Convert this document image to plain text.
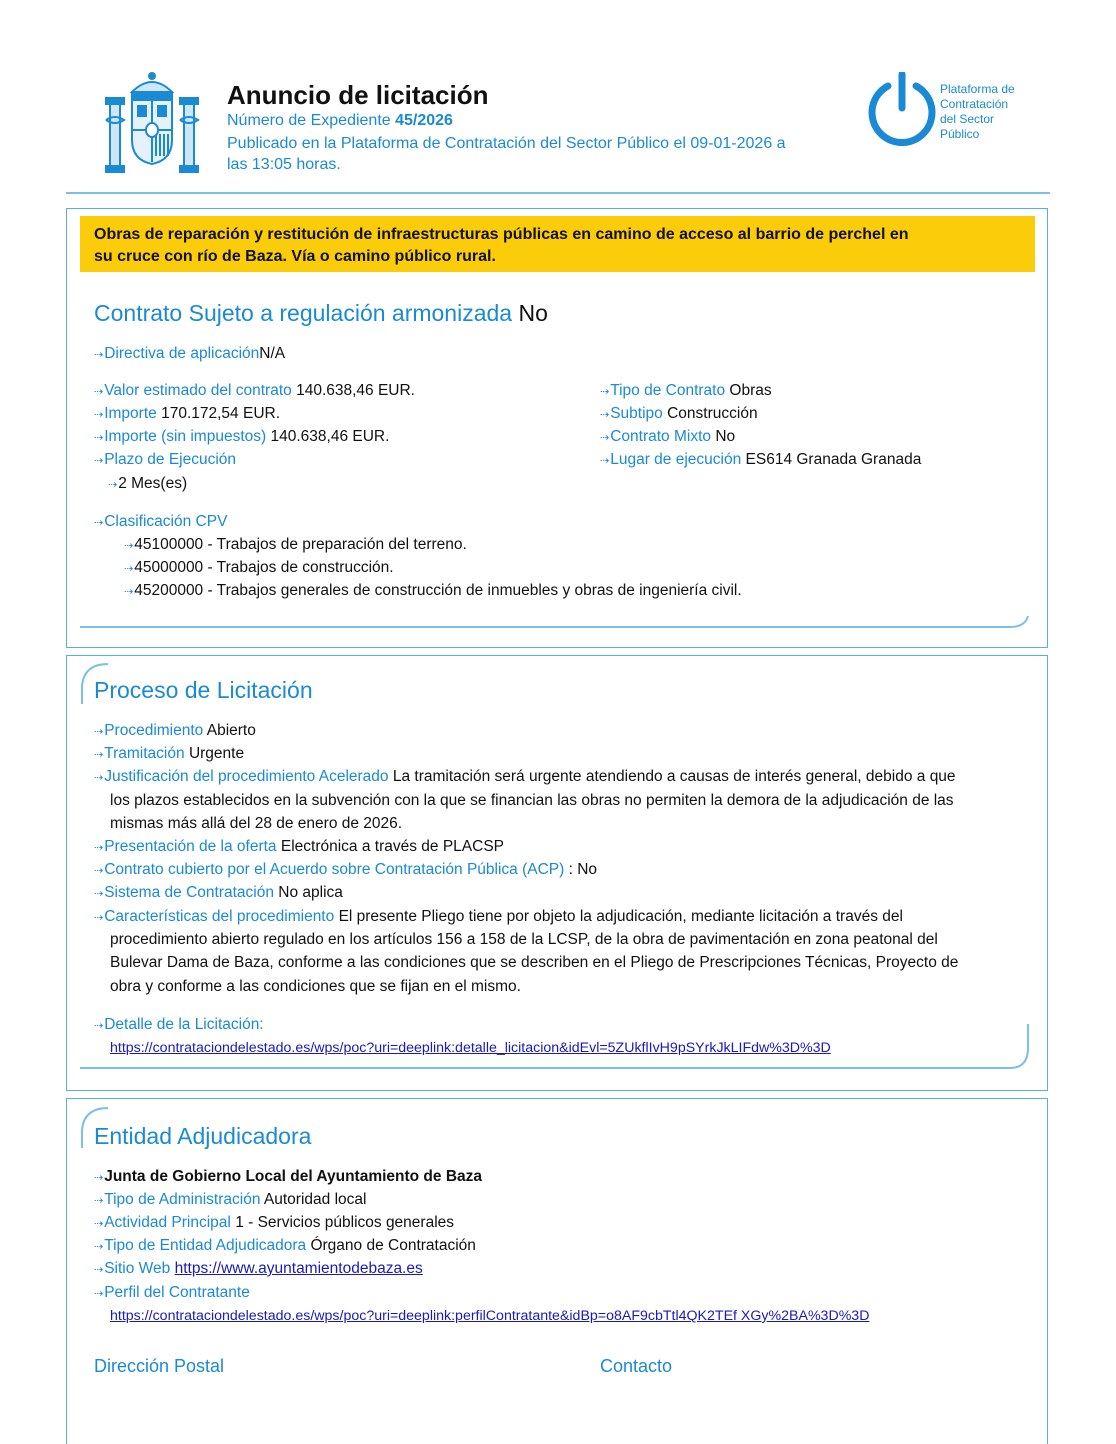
Anuncio de licitación
Número de Expediente 45/2026
Publicado en la Plataforma de Contratación del Sector Público el 09-01-2026 a
las 13:05 horas.
Plataforma de
Contratación
del Sector
Público
Obras de reparación y restitución de infraestructuras públicas en camino de acceso al barrio de perchel en
su cruce con río de Baza. Vía o camino público rural.
Contrato Sujeto a regulación armonizada No
⇢ Directiva de aplicaciónN/A
⇢ Valor estimado del contrato 140.638,46 EUR.
⇢ Importe 170.172,54 EUR.
⇢ Importe (sin impuestos) 140.638,46 EUR.
⇢ Plazo de Ejecución
⇢ 2 Mes(es)
⇢ Tipo de Contrato Obras
⇢ Subtipo Construcción
⇢ Contrato Mixto No
⇢ Lugar de ejecución ES614 Granada Granada
⇢ Clasificación CPV
⇢ 45100000 - Trabajos de preparación del terreno.
⇢ 45000000 - Trabajos de construcción.
⇢ 45200000 - Trabajos generales de construcción de inmuebles y obras de ingeniería civil.
Proceso de Licitación
⇢ Procedimiento Abierto
⇢ Tramitación Urgente
⇢ Justificación del procedimiento Acelerado La tramitación será urgente atendiendo a causas de interés general, debido a que
los plazos establecidos en la subvención con la que se financian las obras no permiten la demora de la adjudicación de las
mismas más allá del 28 de enero de 2026.
⇢ Presentación de la oferta Electrónica a través de PLACSP
⇢ Contrato cubierto por el Acuerdo sobre Contratación Pública (ACP) : No
⇢ Sistema de Contratación No aplica
⇢ Características del procedimiento El presente Pliego tiene por objeto la adjudicación, mediante licitación a través del
procedimiento abierto regulado en los artículos 156 a 158 de la LCSP, de la obra de pavimentación en zona peatonal del
Bulevar Dama de Baza, conforme a las condiciones que se describen en el Pliego de Prescripciones Técnicas, Proyecto de
obra y conforme a las condiciones que se fijan en el mismo.
⇢ Detalle de la Licitación:
https://contrataciondelestado.es/wps/poc?uri=deeplink:detalle_licitacion&idEvl=5ZUkflIvH9pSYrkJkLIFdw%3D%3D
Entidad Adjudicadora
⇢ Junta de Gobierno Local del Ayuntamiento de Baza
⇢ Tipo de Administración Autoridad local
⇢ Actividad Principal 1 - Servicios públicos generales
⇢ Tipo de Entidad Adjudicadora Órgano de Contratación
⇢ Sitio Web https://www.ayuntamientodebaza.es
⇢ Perfil del Contratante
https://contrataciondelestado.es/wps/poc?uri=deeplink:perfilContratante&idBp=o8AF9cbTtl4QK2TEf XGy%2BA%3D%3D
Dirección Postal	Contacto
